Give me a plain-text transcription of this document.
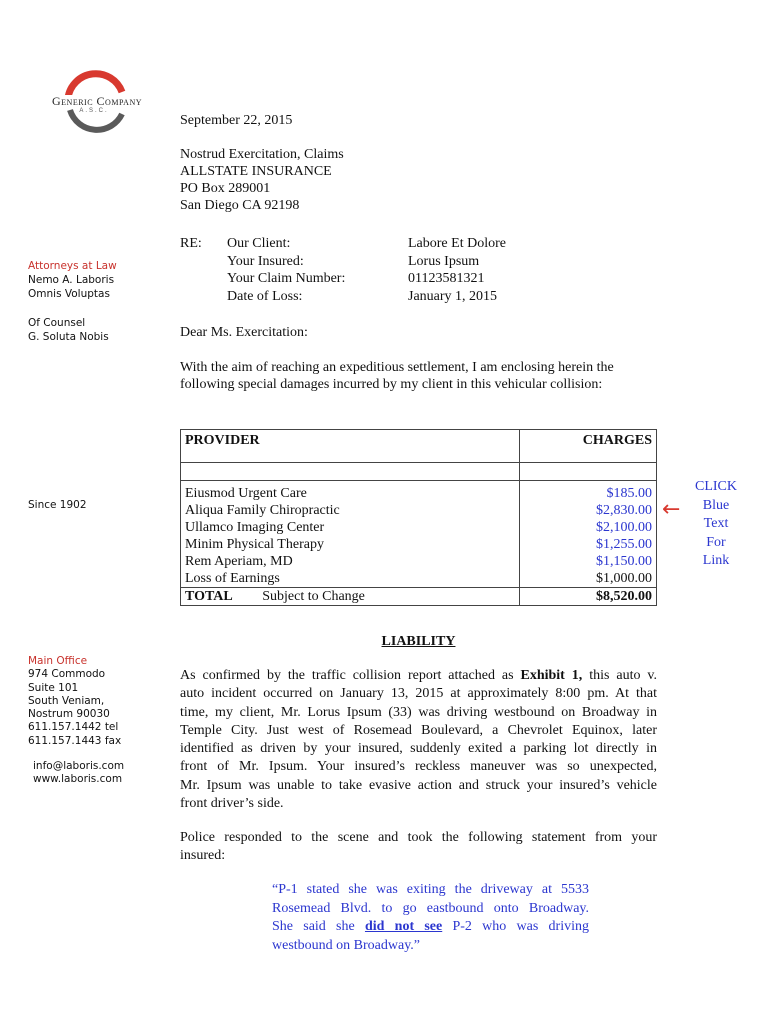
Generic Company
A.S.C.
Attorneys at Law
Nemo A. Laboris
Omnis Voluptas
Of Counsel
G. Soluta Nobis
Since 1902
Main Office
974 Commodo
Suite 101
South Veniam,
Nostrum 90030
611.157.1442 tel
611.157.1443 fax
info@laboris.com
www.laboris.com
September 22, 2015
Nostrud Exercitation, Claims
ALLSTATE INSURANCE
PO Box 289001
San Diego CA 92198
RE: Our Client:	Labore Et Dolore
Your Insured:	Lorus Ipsum
Your Claim Number:	01123581321
Date of Loss:	January 1, 2015
Dear Ms. Exercitation:
With the aim of reaching an expeditious settlement, I am enclosing herein the
following special damages incurred by my client in this vehicular collision:
PROVIDER	CHARGES

Eiusmod Urgent Care	$185.00
Aliqua Family Chiropractic	$2,830.00
Ullamco Imaging Center	$2,100.00
Minim Physical Therapy	$1,255.00
Rem Aperiam, MD	$1,150.00
Loss of Earnings	$1,000.00
TOTAL Subject to Change	$8,520.00
CLICK
Blue
Text
For
Link
←
LIABILITY
As confirmed by the traffic collision report attached as Exhibit 1, this auto v.
auto incident occurred on January 13, 2015 at approximately 8:00 pm. At that
time, my client, Mr. Lorus Ipsum (33) was driving westbound on Broadway in
Temple City. Just west of Rosemead Boulevard, a Chevrolet Equinox, later
identified as driven by your insured, suddenly exited a parking lot directly in
front of Mr. Ipsum. Your insured’s reckless maneuver was so unexpected,
Mr. Ipsum was unable to take evasive action and struck your insured’s vehicle
front driver’s side.
Police responded to the scene and took the following statement from your
insured:
“P-1 stated she was exiting the driveway at 5533
Rosemead Blvd. to go eastbound onto Broadway.
She said she did not see P-2 who was driving
westbound on Broadway.”
